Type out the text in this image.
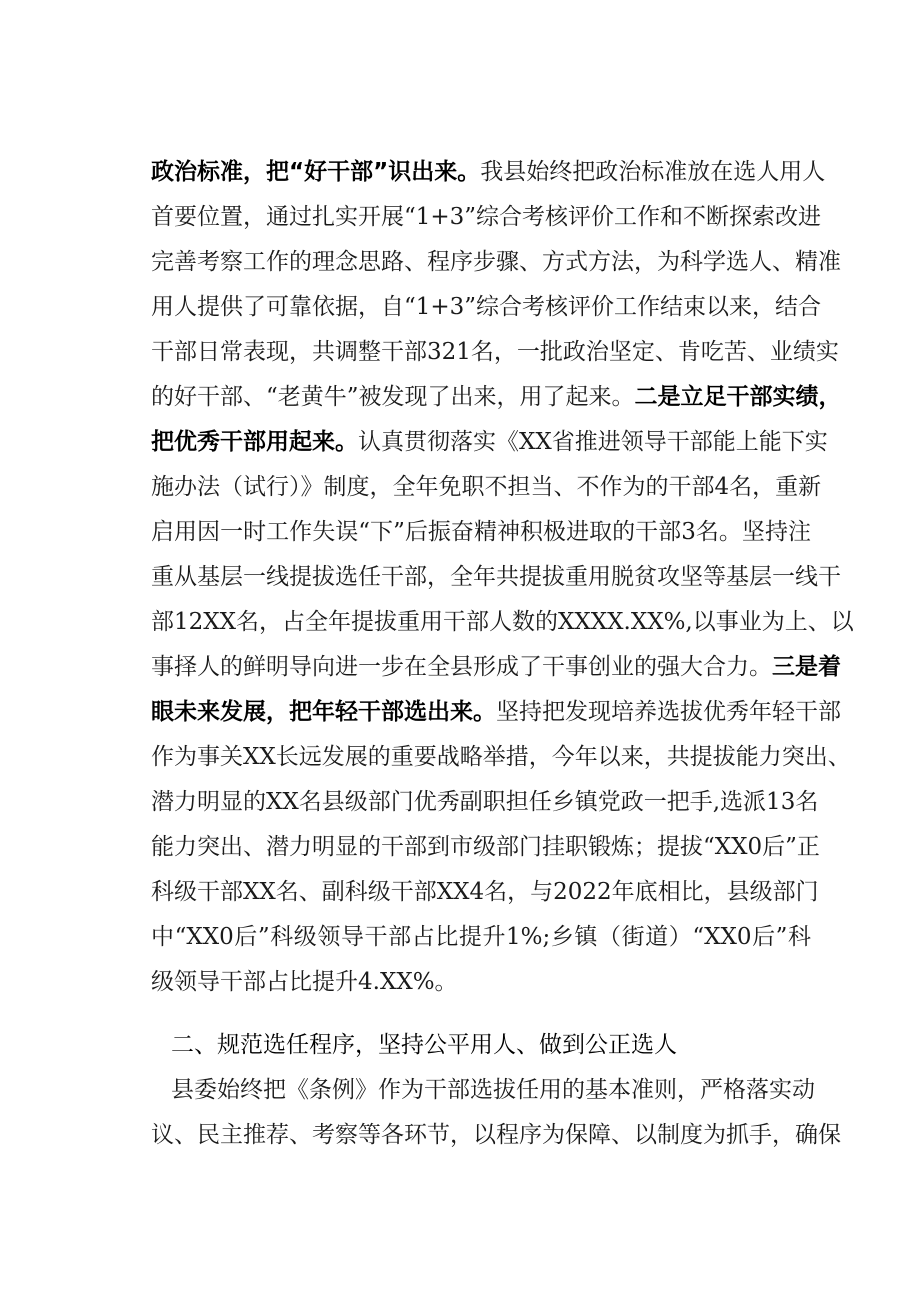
政治标准，把“好干部”识出来。我县始终把政治标准放在选人用人
首要位置，通过扎实开展“1+3”综合考核评价工作和不断探索改进
完善考察工作的理念思路、程序步骤、方式方法，为科学选人、精准
用人提供了可靠依据，自“1+3”综合考核评价工作结束以来，结合
干部日常表现，共调整干部321名，一批政治坚定、肯吃苦、业绩实
的好干部、“老黄牛”被发现了出来，用了起来。二是立足干部实绩，
把优秀干部用起来。认真贯彻落实《XX省推进领导干部能上能下实
施办法（试行）》制度，全年免职不担当、不作为的干部4名，重新
启用因一时工作失误“下”后振奋精神积极进取的干部3名。坚持注
重从基层一线提拔选任干部，全年共提拔重用脱贫攻坚等基层一线干
部12XX名，占全年提拔重用干部人数的XXXX.XX%,以事业为上、以
事择人的鲜明导向进一步在全县形成了干事创业的强大合力。三是着
眼未来发展，把年轻干部选出来。坚持把发现培养选拔优秀年轻干部
作为事关XX长远发展的重要战略举措，今年以来，共提拔能力突出、
潜力明显的XX名县级部门优秀副职担任乡镇党政一把手,选派13名
能力突出、潜力明显的干部到市级部门挂职锻炼；提拔“XX0后”正
科级干部XX名、副科级干部XX4名，与2022年底相比，县级部门
中“XX0后”科级领导干部占比提升1%;乡镇（街道）“XX0后”科
级领导干部占比提升4.XX%。
二、规范选任程序，坚持公平用人、做到公正选人
县委始终把《条例》作为干部选拔任用的基本准则，严格落实动
议、民主推荐、考察等各环节，以程序为保障、以制度为抓手，确保
